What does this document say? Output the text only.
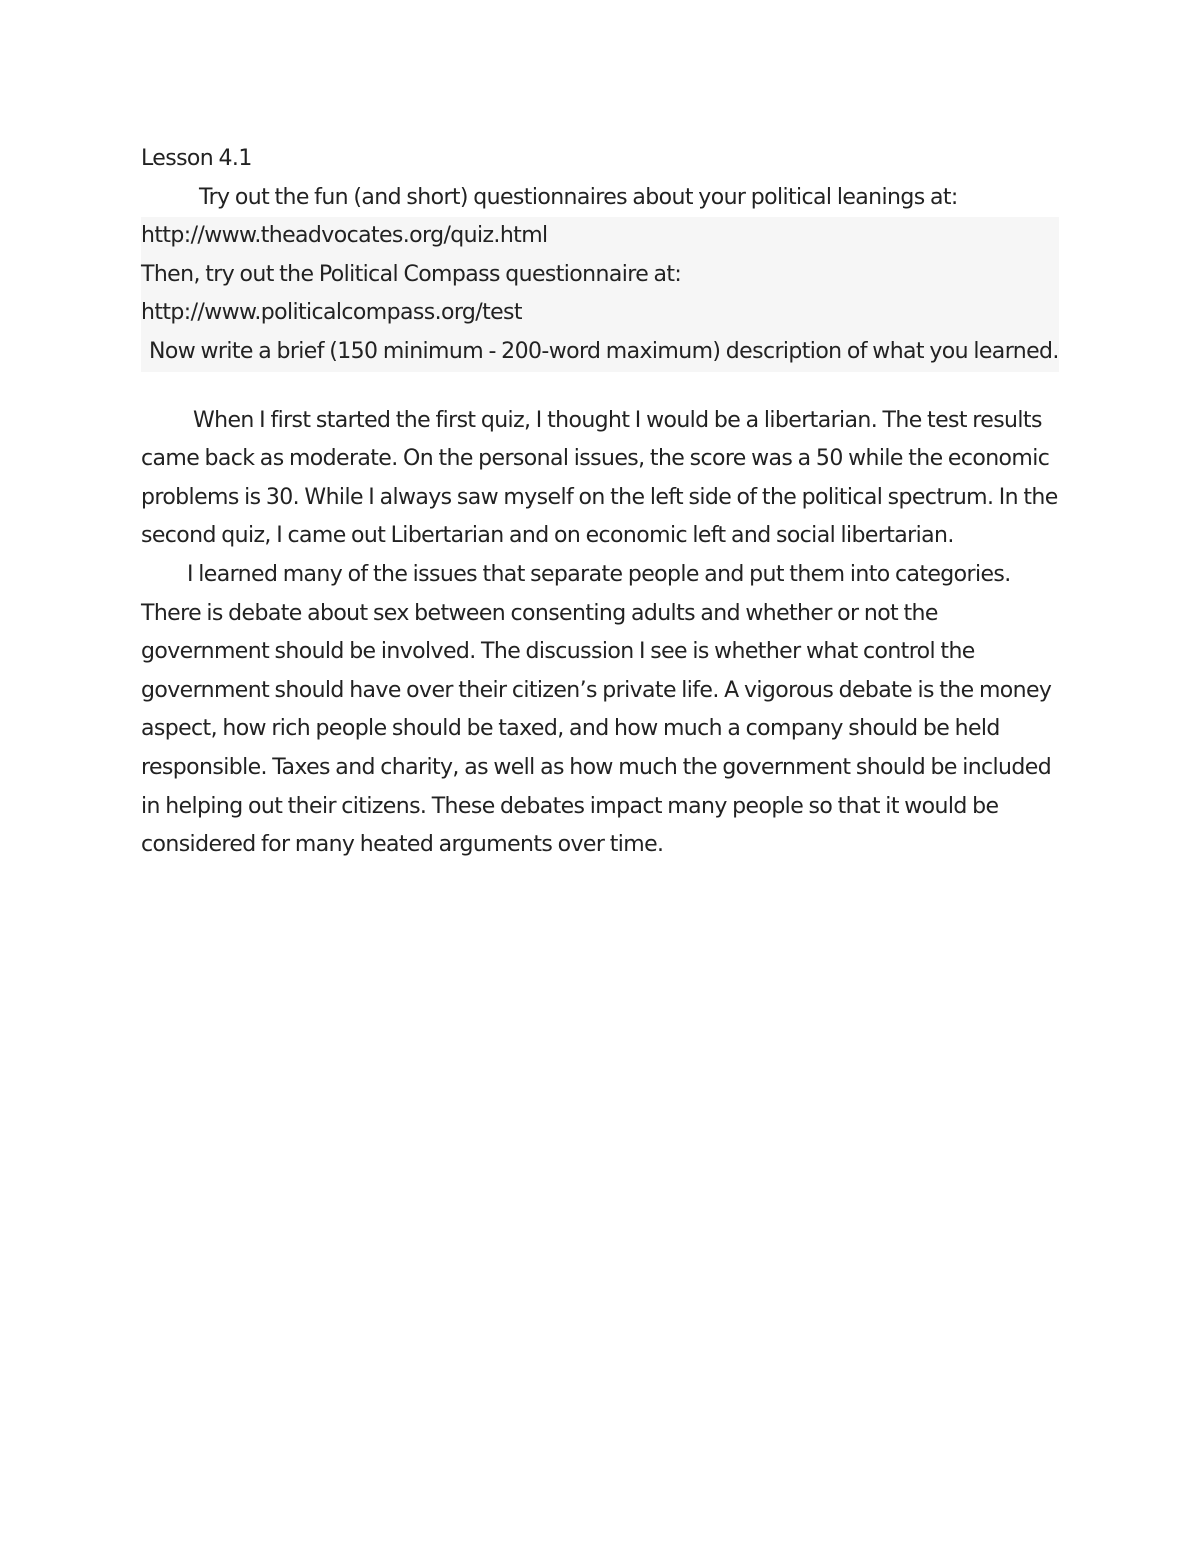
Lesson 4.1

Try out the fun (and short) questionnaires about your political leanings at:

http://www.theadvocates.org/quiz.html

Then, try out the Political Compass questionnaire at:

http://www.politicalcompass.org/test

Now write a brief (150 minimum - 200-word maximum) description of what you learned.

When I first started the first quiz, I thought I would be a libertarian. The test results came back as moderate. On the personal issues, the score was a 50 while the economic problems is 30. While I always saw myself on the left side of the political spectrum. In the second quiz, I came out Libertarian and on economic left and social libertarian.

I learned many of the issues that separate people and put them into categories. There is debate about sex between consenting adults and whether or not the government should be involved. The discussion I see is whether what control the government should have over their citizen’s private life. A vigorous debate is the money aspect, how rich people should be taxed, and how much a company should be held responsible. Taxes and charity, as well as how much the government should be included in helping out their citizens. These debates impact many people so that it would be considered for many heated arguments over time.
